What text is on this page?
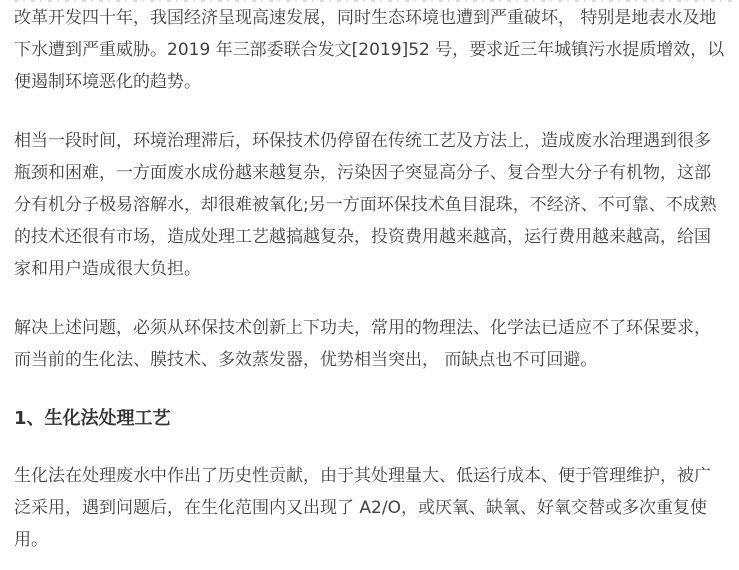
改革开发四十年，我国经济呈现高速发展，同时生态环境也遭到严重破坏， 特别是地表水及地
下水遭到严重威胁。2019 年三部委联合发文[2019]52 号，要求近三年城镇污水提质增效，以
便遏制环境恶化的趋势。
相当一段时间，环境治理滞后，环保技术仍停留在传统工艺及方法上，造成废水治理遇到很多
瓶颈和困难，一方面废水成份越来越复杂，污染因子突显高分子、复合型大分子有机物，这部
分有机分子极易溶解水，却很难被氧化;另一方面环保技术鱼目混珠，不经济、不可靠、不成熟
的技术还很有市场，造成处理工艺越搞越复杂，投资费用越来越高，运行费用越来越高，给国
家和用户造成很大负担。
解决上述问题，必须从环保技术创新上下功夫，常用的物理法、化学法已适应不了环保要求，
而当前的生化法、膜技术、多效蒸发器，优势相当突出， 而缺点也不可回避。
1、生化法处理工艺
生化法在处理废水中作出了历史性贡献，由于其处理量大、低运行成本、便于管理维护，被广
泛采用，遇到问题后，在生化范围内又出现了 A2/O，或厌氧、缺氧、好氧交替或多次重复使
用。
